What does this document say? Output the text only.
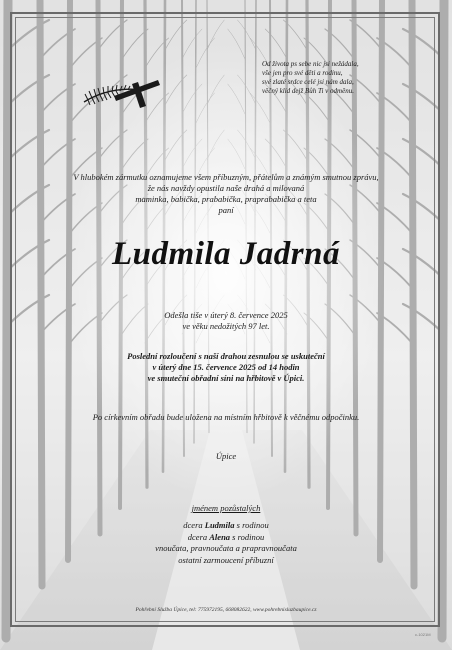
Od života ps sebe nic jsi nežádala,
vše jen pro své děti a rodinu,
své zlaté srdce celé jsi nám dala,
věčný klid dejž Bůh Ti v odměnu.
V hlubokém zármutku oznamujeme všem příbuzným, přátelům a známým smutnou zprávu,
že nás navždy opustila naše drahá a milovaná
maminka, babička, prababička, praprababička a teta
paní
Ludmila Jadrná
Odešla tiše v úterý 8. července 2025
ve věku nedožitých 97 let.
Poslední rozloučení s naší drahou zesnulou se uskuteční
v úterý dne 15. července 2025 od 14 hodin
ve smuteční obřadní síni na hřbitově v Úpici.
Po církevním obřadu bude uložena na místním hřbitově k věčnému odpočinku.
Úpice
jménem pozůstalých
dcera Ludmila s rodinou
dcera Alena s rodinou
vnoučata, pravnoučata a prapravnoučata
ostatní zarmoucení příbuzní
Pohřební Služba Úpice, tel: 775972195, 668082622, www.pohrebnisluzbaupice.cz
c-1021M
